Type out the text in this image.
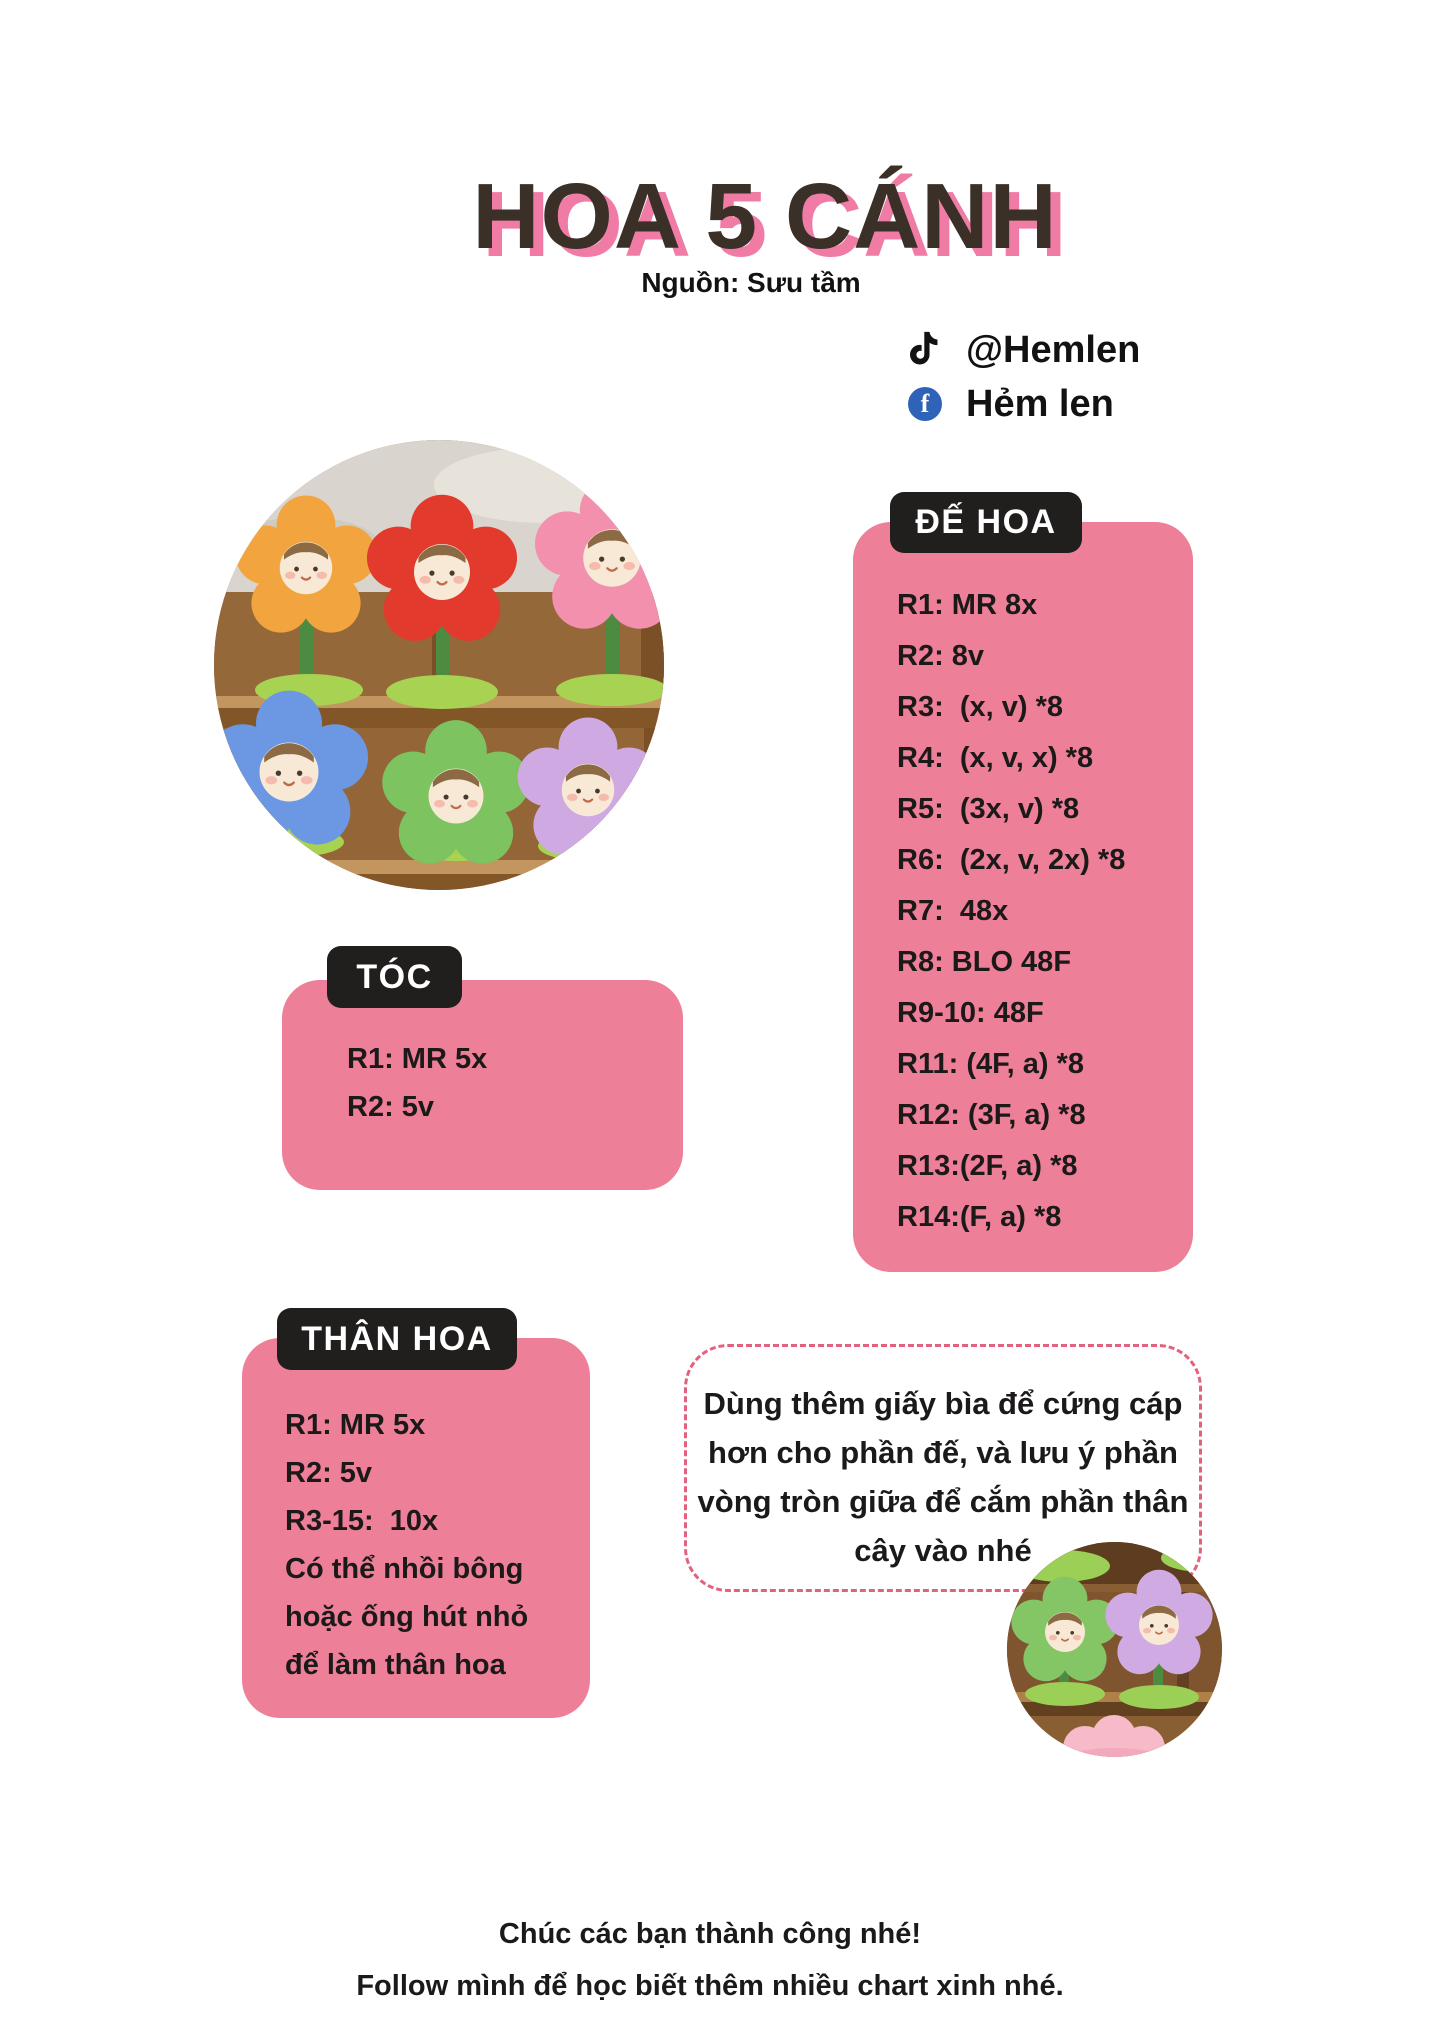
HOA 5 CÁNH
Nguồn: Sưu tầm
@Hemlen
f Hẻm len
ĐẾ HOA
R1: MR 8x
R2: 8v
R3:  (x, v) *8
R4:  (x, v, x) *8
R5:  (3x, v) *8
R6:  (2x, v, 2x) *8
R7:  48x
R8: BLO 48F
R9-10: 48F
R11: (4F, a) *8
R12: (3F, a) *8
R13:(2F, a) *8
R14:(F, a) *8
TÓC
R1: MR 5x
R2: 5v
THÂN HOA
R1: MR 5x
R2: 5v
R3-15:  10x
Có thể nhồi bông
hoặc ống hút nhỏ
để làm thân hoa
Dùng thêm giấy bìa để cứng cáp
hơn cho phần đế, và lưu ý phần
vòng tròn giữa để cắm phần thân
cây vào nhé
Chúc các bạn thành công nhé!
Follow mình để học biết thêm nhiều chart xinh nhé.
